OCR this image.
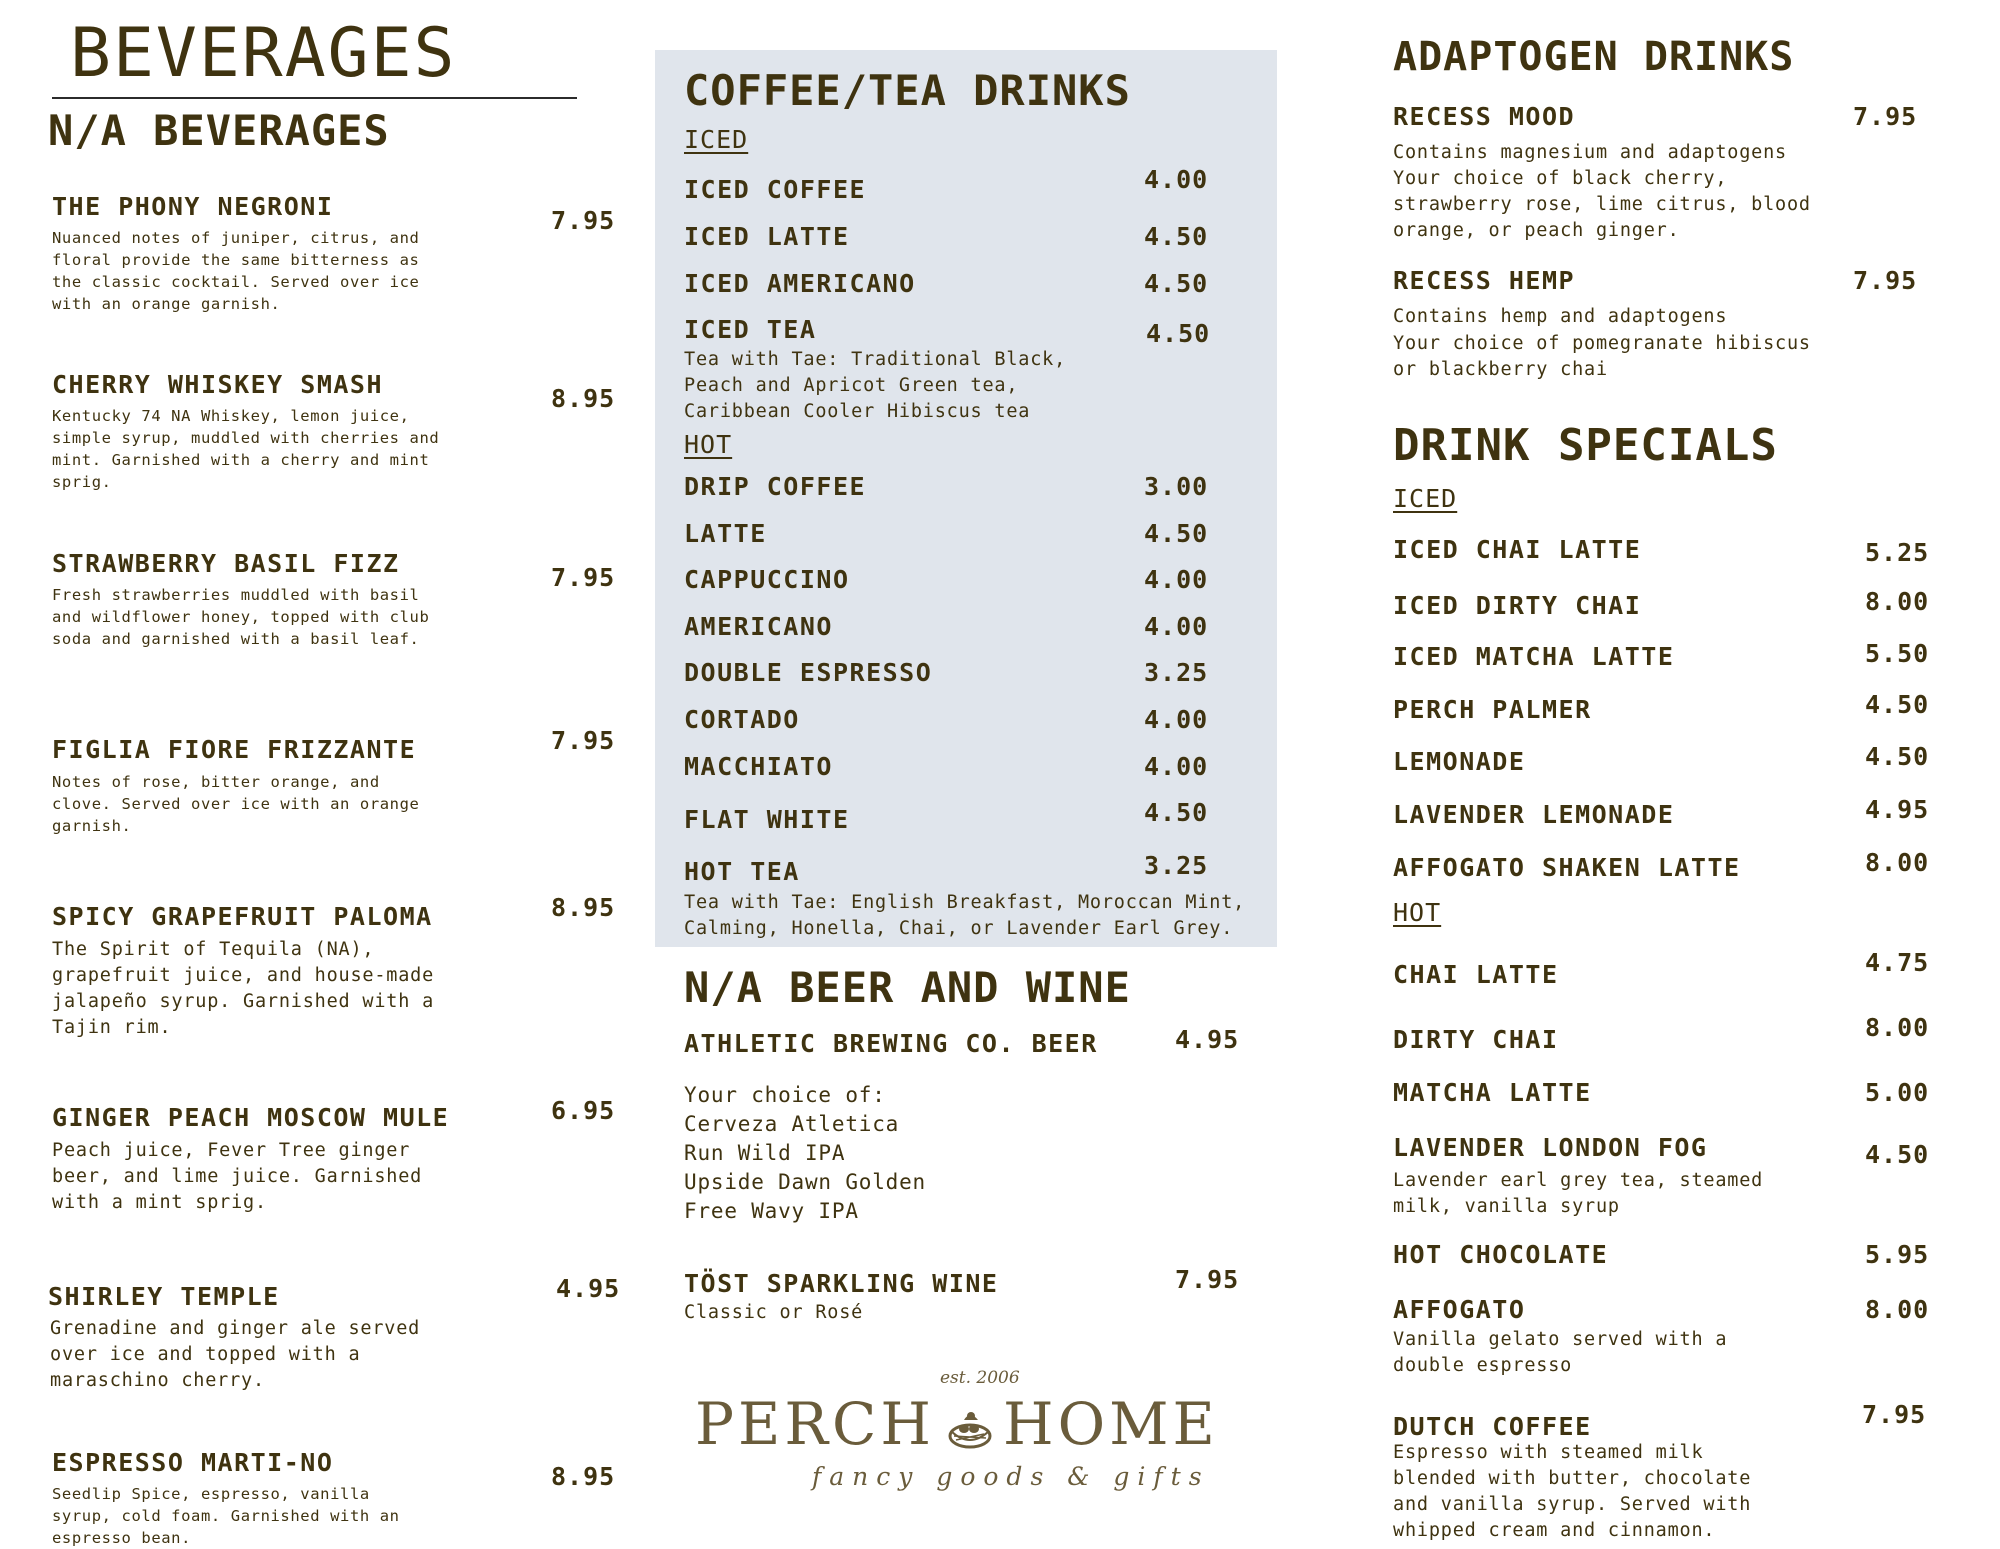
BEVERAGES
N/A BEVERAGES
THE PHONY NEGRONI	7.95
Nuanced notes of juniper, citrus, and floral provide the same bitterness as the classic cocktail. Served over ice with an orange garnish.
CHERRY WHISKEY SMASH	8.95
Kentucky 74 NA Whiskey, lemon juice, simple syrup, muddled with cherries and mint. Garnished with a cherry and mint sprig.
STRAWBERRY BASIL FIZZ	7.95
Fresh strawberries muddled with basil and wildflower honey, topped with club soda and garnished with a basil leaf.
FIGLIA FIORE FRIZZANTE	7.95
Notes of rose, bitter orange, and clove. Served over ice with an orange garnish.
SPICY GRAPEFRUIT PALOMA	8.95
The Spirit of Tequila (NA), grapefruit juice, and house-made jalapeño syrup. Garnished with a Tajin rim.
GINGER PEACH MOSCOW MULE	6.95
Peach juice, Fever Tree ginger beer, and lime juice. Garnished with a mint sprig.
SHIRLEY TEMPLE	4.95
Grenadine and ginger ale served over ice and topped with a maraschino cherry.
ESPRESSO MARTI-NO	8.95
Seedlip Spice, espresso, vanilla syrup, cold foam. Garnished with an espresso bean.
COFFEE/TEA DRINKS
ICED
ICED COFFEE	4.00
ICED LATTE	4.50
ICED AMERICANO	4.50
ICED TEA	4.50
Tea with Tae: Traditional Black, Peach and Apricot Green tea, Caribbean Cooler Hibiscus tea
HOT
DRIP COFFEE	3.00
LATTE	4.50
CAPPUCCINO	4.00
AMERICANO	4.00
DOUBLE ESPRESSO	3.25
CORTADO	4.00
MACCHIATO	4.00
FLAT WHITE	4.50
HOT TEA	3.25
Tea with Tae: English Breakfast, Moroccan Mint, Calming, Honella, Chai, or Lavender Earl Grey.
N/A BEER AND WINE
ATHLETIC BREWING CO. BEER	4.95
Your choice of:
Cerveza Atletica
Run Wild IPA
Upside Dawn Golden
Free Wavy IPA
TÖST SPARKLING WINE	7.95
Classic or Rosé
est. 2006
PERCH HOME
fancy goods & gifts
ADAPTOGEN DRINKS
RECESS MOOD	7.95
Contains magnesium and adaptogens
Your choice of black cherry, strawberry rose, lime citrus, blood orange, or peach ginger.
RECESS HEMP	7.95
Contains hemp and adaptogens
Your choice of pomegranate hibiscus or blackberry chai
DRINK SPECIALS
ICED
ICED CHAI LATTE	5.25
ICED DIRTY CHAI	8.00
ICED MATCHA LATTE	5.50
PERCH PALMER	4.50
LEMONADE	4.50
LAVENDER LEMONADE	4.95
AFFOGATO SHAKEN LATTE	8.00
HOT
CHAI LATTE	4.75
DIRTY CHAI	8.00
MATCHA LATTE	5.00
LAVENDER LONDON FOG	4.50
Lavender earl grey tea, steamed milk, vanilla syrup
HOT CHOCOLATE	5.95
AFFOGATO	8.00
Vanilla gelato served with a double espresso
DUTCH COFFEE	7.95
Espresso with steamed milk blended with butter, chocolate and vanilla syrup. Served with whipped cream and cinnamon.
